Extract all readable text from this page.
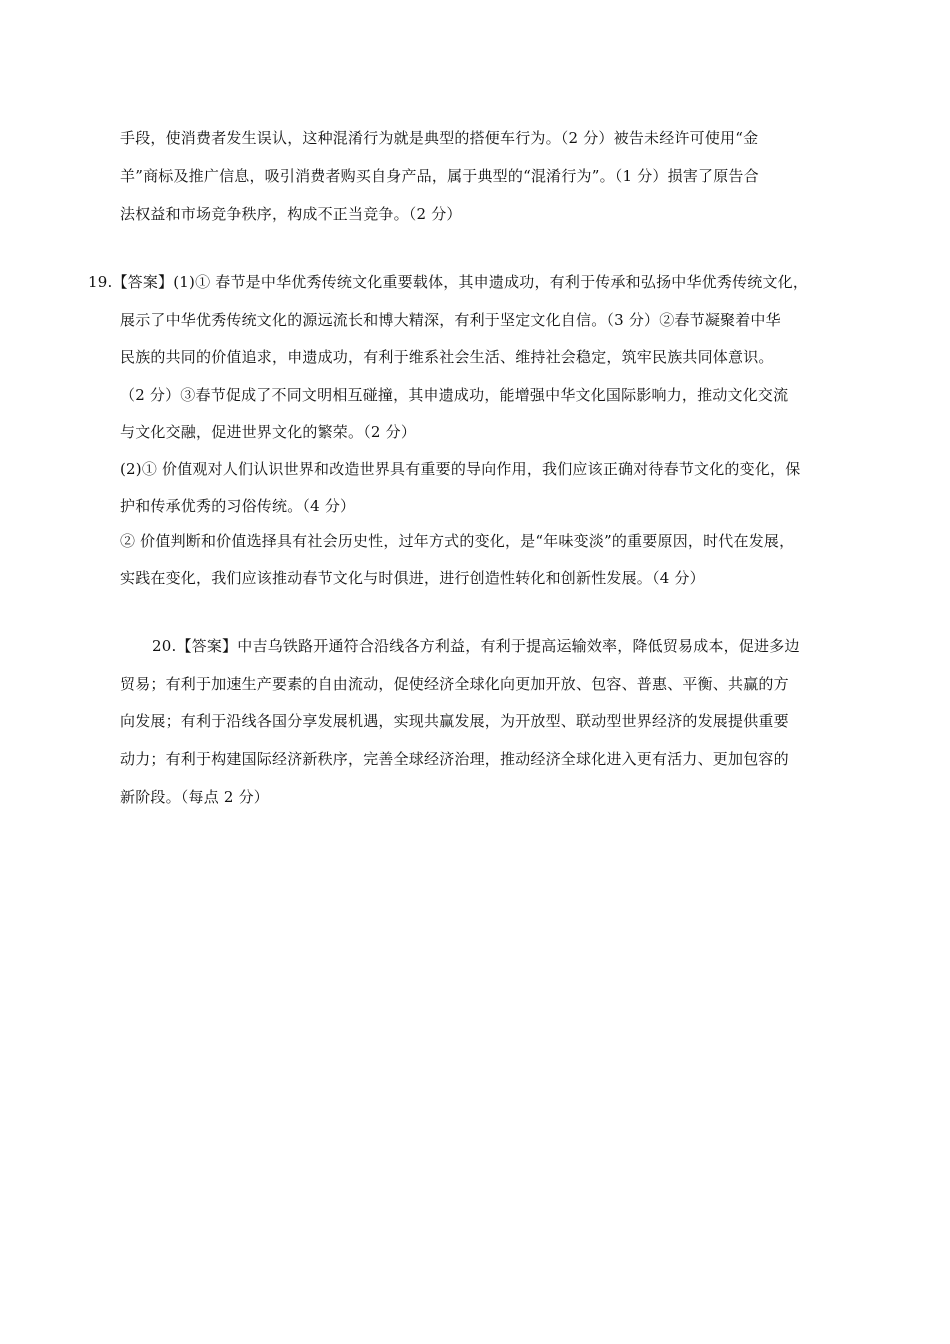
手段，使消费者发生误认，这种混淆行为就是典型的搭便车行为。（2 分）被告未经许可使用“金
羊”商标及推广信息，吸引消费者购买自身产品，属于典型的“混淆行为”。（1 分）损害了原告合
法权益和市场竞争秩序，构成不正当竞争。（2 分）
19.【答案】(1)① 春节是中华优秀传统文化重要载体，其申遗成功，有利于传承和弘扬中华优秀传统文化，
展示了中华优秀传统文化的源远流长和博大精深，有利于坚定文化自信。（3 分）②春节凝聚着中华
民族的共同的价值追求，申遗成功，有利于维系社会生活、维持社会稳定，筑牢民族共同体意识。
（2 分）③春节促成了不同文明相互碰撞，其申遗成功，能增强中华文化国际影响力，推动文化交流
与文化交融，促进世界文化的繁荣。（2 分）
(2)① 价值观对人们认识世界和改造世界具有重要的导向作用，我们应该正确对待春节文化的变化，保
护和传承优秀的习俗传统。（4 分）
② 价值判断和价值选择具有社会历史性，过年方式的变化，是“年味变淡”的重要原因，时代在发展，
实践在变化，我们应该推动春节文化与时俱进，进行创造性转化和创新性发展。（4 分）
20.【答案】中吉乌铁路开通符合沿线各方利益，有利于提高运输效率，降低贸易成本，促进多边
贸易；有利于加速生产要素的自由流动，促使经济全球化向更加开放、包容、普惠、平衡、共赢的方
向发展；有利于沿线各国分享发展机遇，实现共赢发展，为开放型、联动型世界经济的发展提供重要
动力；有利于构建国际经济新秩序，完善全球经济治理，推动经济全球化进入更有活力、更加包容的
新阶段。（每点 2 分）
